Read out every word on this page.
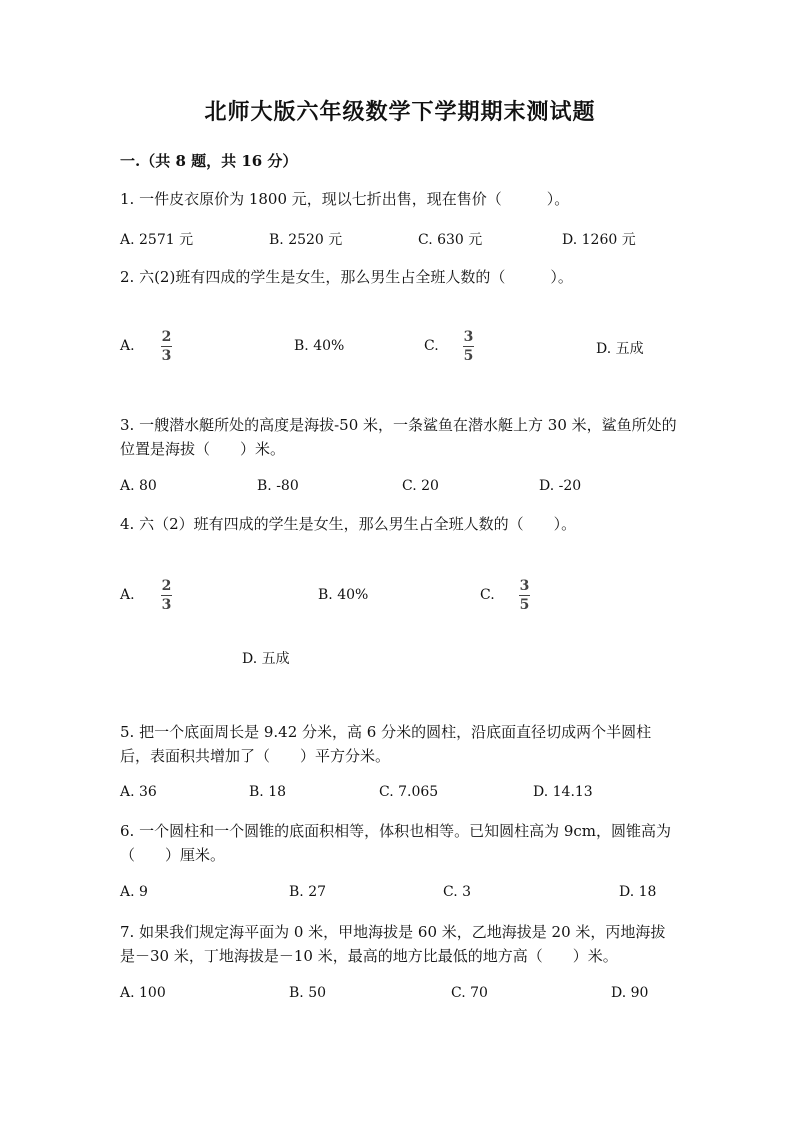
北师大版六年级数学下学期期末测试题
一.（共 8 题，共 16 分）
1. 一件皮衣原价为 1800 元，现以七折出售，现在售价（　　　）。
A. 2571 元	B. 2520 元	C. 630 元	D. 1260 元
2. 六(2)班有四成的学生是女生，那么男生占全班人数的（　　　）。
A.
2
3
B. 40%	C.
3
5	D. 五成
3. 一艘潜水艇所处的高度是海拔-50 米，一条鲨鱼在潜水艇上方 30 米，鲨鱼所处的位置是海拔（　　）米。
A. 80	B. -80	C. 20	D. -20
4. 六（2）班有四成的学生是女生，那么男生占全班人数的（　　）。
A.
2
3
B. 40%	C.
3
5
D. 五成
5. 把一个底面周长是 9.42 分米，高 6 分米的圆柱，沿底面直径切成两个半圆柱后，表面积共增加了（　　）平方分米。
A. 36	B. 18	C. 7.065	D. 14.13
6. 一个圆柱和一个圆锥的底面积相等，体积也相等。已知圆柱高为 9cm，圆锥高为（　　）厘米。
A. 9	B. 27	C. 3	D. 18
7. 如果我们规定海平面为 0 米，甲地海拔是 60 米，乙地海拔是 20 米，丙地海拔是－30 米，丁地海拔是－10 米，最高的地方比最低的地方高（　　）米。
A. 100	B. 50	C. 70	D. 90
